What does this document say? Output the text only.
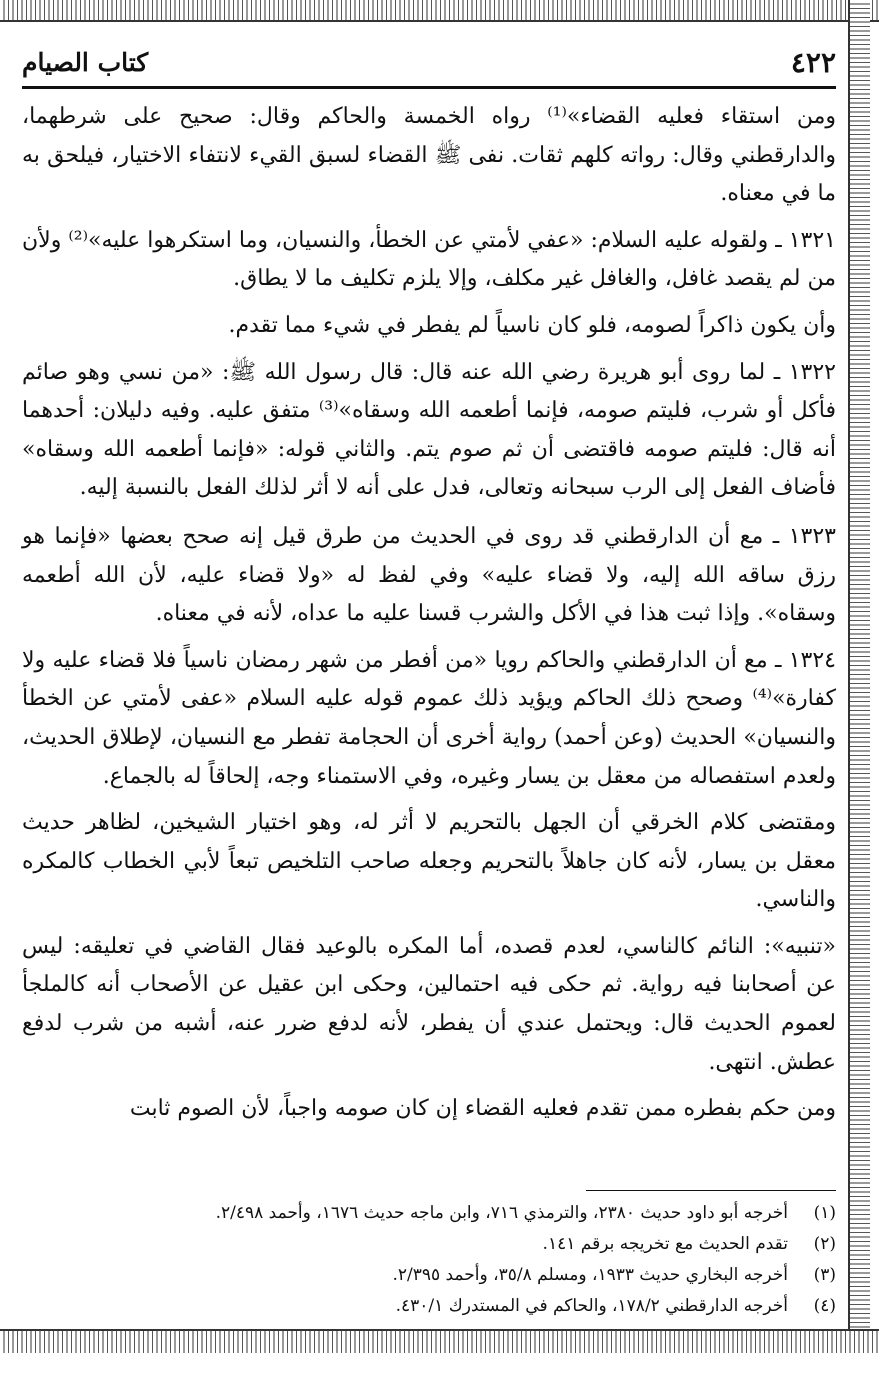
٤٢٢
كتاب الصيام

ومن استقاء فعليه القضاء»⁽¹⁾ رواه الخمسة والحاكم وقال: صحيح على شرطهما، والدارقطني وقال: رواته كلهم ثقات. نفى ﷺ القضاء لسبق القيء لانتفاء الاختيار، فيلحق به ما في معناه.

١٣٢١ ـ ولقوله عليه السلام: «عفي لأمتي عن الخطأ، والنسيان، وما استكرهوا عليه»⁽²⁾ ولأن من لم يقصد غافل، والغافل غير مكلف، وإلا يلزم تكليف ما لا يطاق.

وأن يكون ذاكراً لصومه، فلو كان ناسياً لم يفطر في شيء مما تقدم.

١٣٢٢ ـ لما روى أبو هريرة رضي الله عنه قال: قال رسول الله ﷺ: «من نسي وهو صائم فأكل أو شرب، فليتم صومه، فإنما أطعمه الله وسقاه»⁽³⁾ متفق عليه. وفيه دليلان: أحدهما أنه قال: فليتم صومه فاقتضى أن ثم صوم يتم. والثاني قوله: «فإنما أطعمه الله وسقاه» فأضاف الفعل إلى الرب سبحانه وتعالى، فدل على أنه لا أثر لذلك الفعل بالنسبة إليه.

١٣٢٣ ـ مع أن الدارقطني قد روى في الحديث من طرق قيل إنه صحح بعضها «فإنما هو رزق ساقه الله إليه، ولا قضاء عليه» وفي لفظ له «ولا قضاء عليه، لأن الله أطعمه وسقاه». وإذا ثبت هذا في الأكل والشرب قسنا عليه ما عداه، لأنه في معناه.

١٣٢٤ ـ مع أن الدارقطني والحاكم رويا «من أفطر من شهر رمضان ناسياً فلا قضاء عليه ولا كفارة»⁽⁴⁾ وصحح ذلك الحاكم ويؤيد ذلك عموم قوله عليه السلام «عفى لأمتي عن الخطأ والنسيان» الحديث (وعن أحمد) رواية أخرى أن الحجامة تفطر مع النسيان، لإطلاق الحديث، ولعدم استفصاله من معقل بن يسار وغيره، وفي الاستمناء وجه، إلحاقاً له بالجماع.

ومقتضى كلام الخرقي أن الجهل بالتحريم لا أثر له، وهو اختيار الشيخين، لظاهر حديث معقل بن يسار، لأنه كان جاهلاً بالتحريم وجعله صاحب التلخيص تبعاً لأبي الخطاب كالمكره والناسي.

«تنبيه»: النائم كالناسي، لعدم قصده، أما المكره بالوعيد فقال القاضي في تعليقه: ليس عن أصحابنا فيه رواية. ثم حكى فيه احتمالين، وحكى ابن عقيل عن الأصحاب أنه كالملجأ لعموم الحديث قال: ويحتمل عندي أن يفطر، لأنه لدفع ضرر عنه، أشبه من شرب لدفع عطش. انتهى.

ومن حكم بفطره ممن تقدم فعليه القضاء إن كان صومه واجباً، لأن الصوم ثابت

(١)أخرجه أبو داود حديث ٢٣٨٠، والترمذي ٧١٦، وابن ماجه حديث ١٦٧٦، وأحمد ٢/٤٩٨.
(٢)تقدم الحديث مع تخريجه برقم ١٤١.
(٣)أخرجه البخاري حديث ١٩٣٣، ومسلم ٣٥/٨، وأحمد ٢/٣٩٥.
(٤)أخرجه الدارقطني ١٧٨/٢، والحاكم في المستدرك ٤٣٠/١.
